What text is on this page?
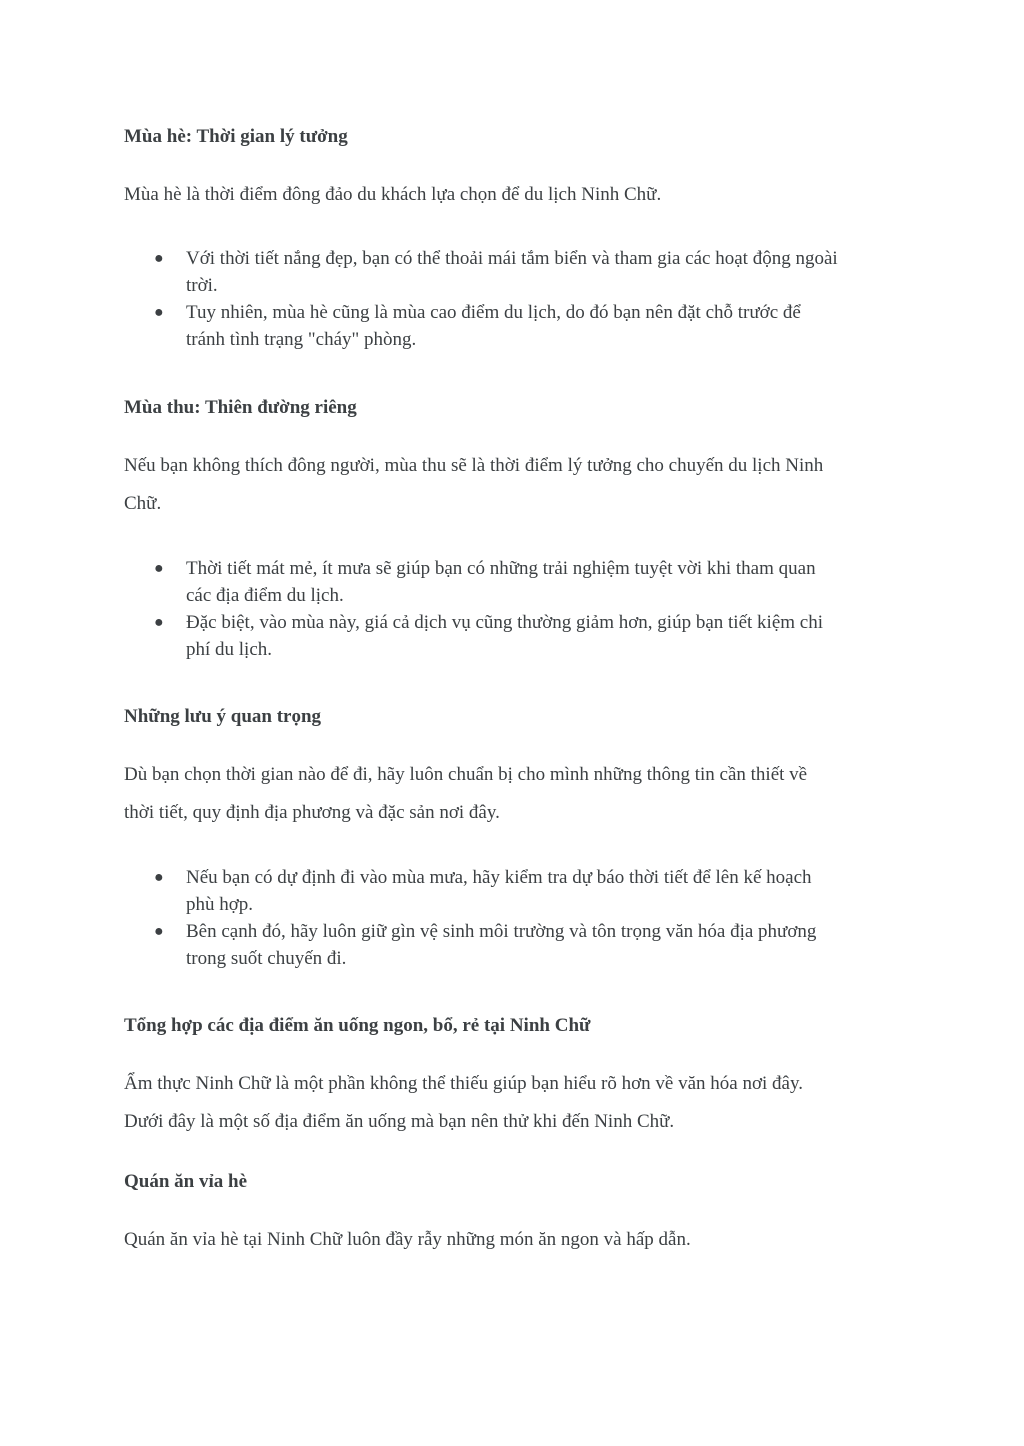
Mùa hè: Thời gian lý tưởng
Mùa hè là thời điểm đông đảo du khách lựa chọn để du lịch Ninh Chữ.
● Với thời tiết nắng đẹp, bạn có thể thoải mái tắm biển và tham gia các hoạt động ngoài
trời.
● Tuy nhiên, mùa hè cũng là mùa cao điểm du lịch, do đó bạn nên đặt chỗ trước để
tránh tình trạng "cháy" phòng.
Mùa thu: Thiên đường riêng
Nếu bạn không thích đông người, mùa thu sẽ là thời điểm lý tưởng cho chuyến du lịch Ninh
Chữ.
● Thời tiết mát mẻ, ít mưa sẽ giúp bạn có những trải nghiệm tuyệt vời khi tham quan
các địa điểm du lịch.
● Đặc biệt, vào mùa này, giá cả dịch vụ cũng thường giảm hơn, giúp bạn tiết kiệm chi
phí du lịch.
Những lưu ý quan trọng
Dù bạn chọn thời gian nào để đi, hãy luôn chuẩn bị cho mình những thông tin cần thiết về
thời tiết, quy định địa phương và đặc sản nơi đây.
● Nếu bạn có dự định đi vào mùa mưa, hãy kiểm tra dự báo thời tiết để lên kế hoạch
phù hợp.
● Bên cạnh đó, hãy luôn giữ gìn vệ sinh môi trường và tôn trọng văn hóa địa phương
trong suốt chuyến đi.
Tổng hợp các địa điểm ăn uống ngon, bổ, rẻ tại Ninh Chữ
Ẩm thực Ninh Chữ là một phần không thể thiếu giúp bạn hiểu rõ hơn về văn hóa nơi đây.
Dưới đây là một số địa điểm ăn uống mà bạn nên thử khi đến Ninh Chữ.
Quán ăn vỉa hè
Quán ăn vỉa hè tại Ninh Chữ luôn đầy rẫy những món ăn ngon và hấp dẫn.
